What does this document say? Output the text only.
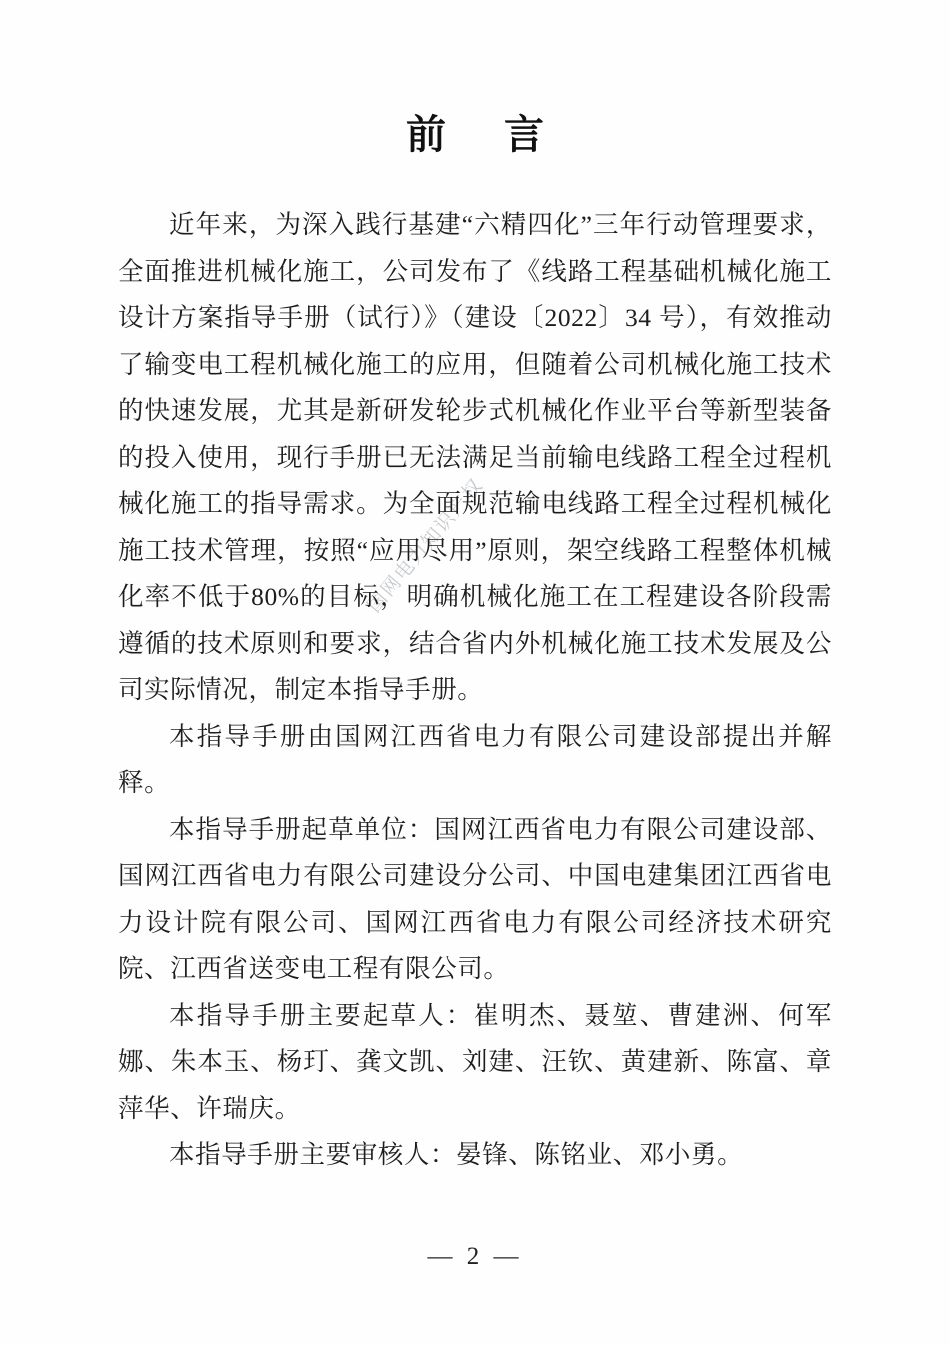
国网电力知识产权
前 言

近年来，为深入践行基建“六精四化”三年行动管理要求，全面推进机械化施工，公司发布了《线路工程基础机械化施工设计方案指导手册（试行）》（建设〔2022〕34 号），有效推动了输变电工程机械化施工的应用，但随着公司机械化施工技术的快速发展，尤其是新研发轮步式机械化作业平台等新型装备的投入使用，现行手册已无法满足当前输电线路工程全过程机械化施工的指导需求。为全面规范输电线路工程全过程机械化施工技术管理，按照“应用尽用”原则，架空线路工程整体机械化率不低于80%的目标，明确机械化施工在工程建设各阶段需遵循的技术原则和要求，结合省内外机械化施工技术发展及公司实际情况，制定本指导手册。

本指导手册由国网江西省电力有限公司建设部提出并解释。

本指导手册起草单位：国网江西省电力有限公司建设部、国网江西省电力有限公司建设分公司、中国电建集团江西省电力设计院有限公司、国网江西省电力有限公司经济技术研究院、江西省送变电工程有限公司。

本指导手册主要起草人：崔明杰、聂堃、曹建洲、何军娜、朱本玉、杨玎、龚文凯、刘建、汪钦、黄建新、陈富、章萍华、许瑞庆。

本指导手册主要审核人：晏锋、陈铭业、邓小勇。

— 2 —
